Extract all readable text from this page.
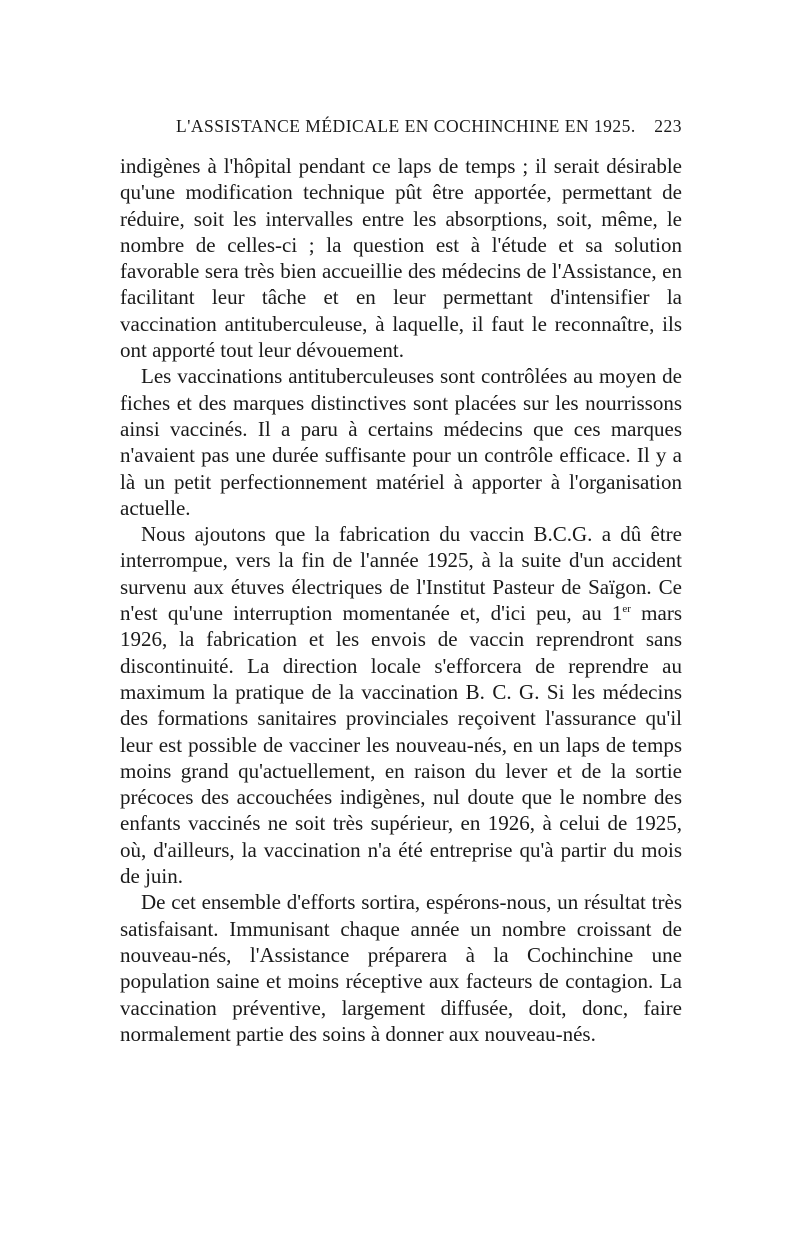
L'ASSISTANCE MÉDICALE EN COCHINCHINE EN 1925. 223

indigènes à l'hôpital pendant ce laps de temps ; il serait désirable qu'une modification technique pût être apportée, permettant de réduire, soit les intervalles entre les absorptions, soit, même, le nombre de celles-ci ; la question est à l'étude et sa solution favorable sera très bien accueillie des médecins de l'Assistance, en facilitant leur tâche et en leur permettant d'intensifier la vaccination antituberculeuse, à laquelle, il faut le reconnaître, ils ont apporté tout leur dévouement.

Les vaccinations antituberculeuses sont contrôlées au moyen de fiches et des marques distinctives sont placées sur les nourrissons ainsi vaccinés. Il a paru à certains médecins que ces marques n'avaient pas une durée suffisante pour un contrôle efficace. Il y a là un petit perfectionnement matériel à apporter à l'organisation actuelle.

Nous ajoutons que la fabrication du vaccin B.C.G. a dû être interrompue, vers la fin de l'année 1925, à la suite d'un accident survenu aux étuves électriques de l'Institut Pasteur de Saïgon. Ce n'est qu'une interruption momentanée et, d'ici peu, au 1er mars 1926, la fabrication et les envois de vaccin reprendront sans discontinuité. La direction locale s'efforcera de reprendre au maximum la pratique de la vaccination B. C. G. Si les médecins des formations sanitaires provinciales reçoivent l'assurance qu'il leur est possible de vacciner les nouveau-nés, en un laps de temps moins grand qu'actuellement, en raison du lever et de la sortie précoces des accouchées indigènes, nul doute que le nombre des enfants vaccinés ne soit très supérieur, en 1926, à celui de 1925, où, d'ailleurs, la vaccination n'a été entreprise qu'à partir du mois de juin.

De cet ensemble d'efforts sortira, espérons-nous, un résultat très satisfaisant. Immunisant chaque année un nombre croissant de nouveau-nés, l'Assistance préparera à la Cochinchine une population saine et moins réceptive aux facteurs de contagion. La vaccination préventive, largement diffusée, doit, donc, faire normalement partie des soins à donner aux nouveau-nés.
